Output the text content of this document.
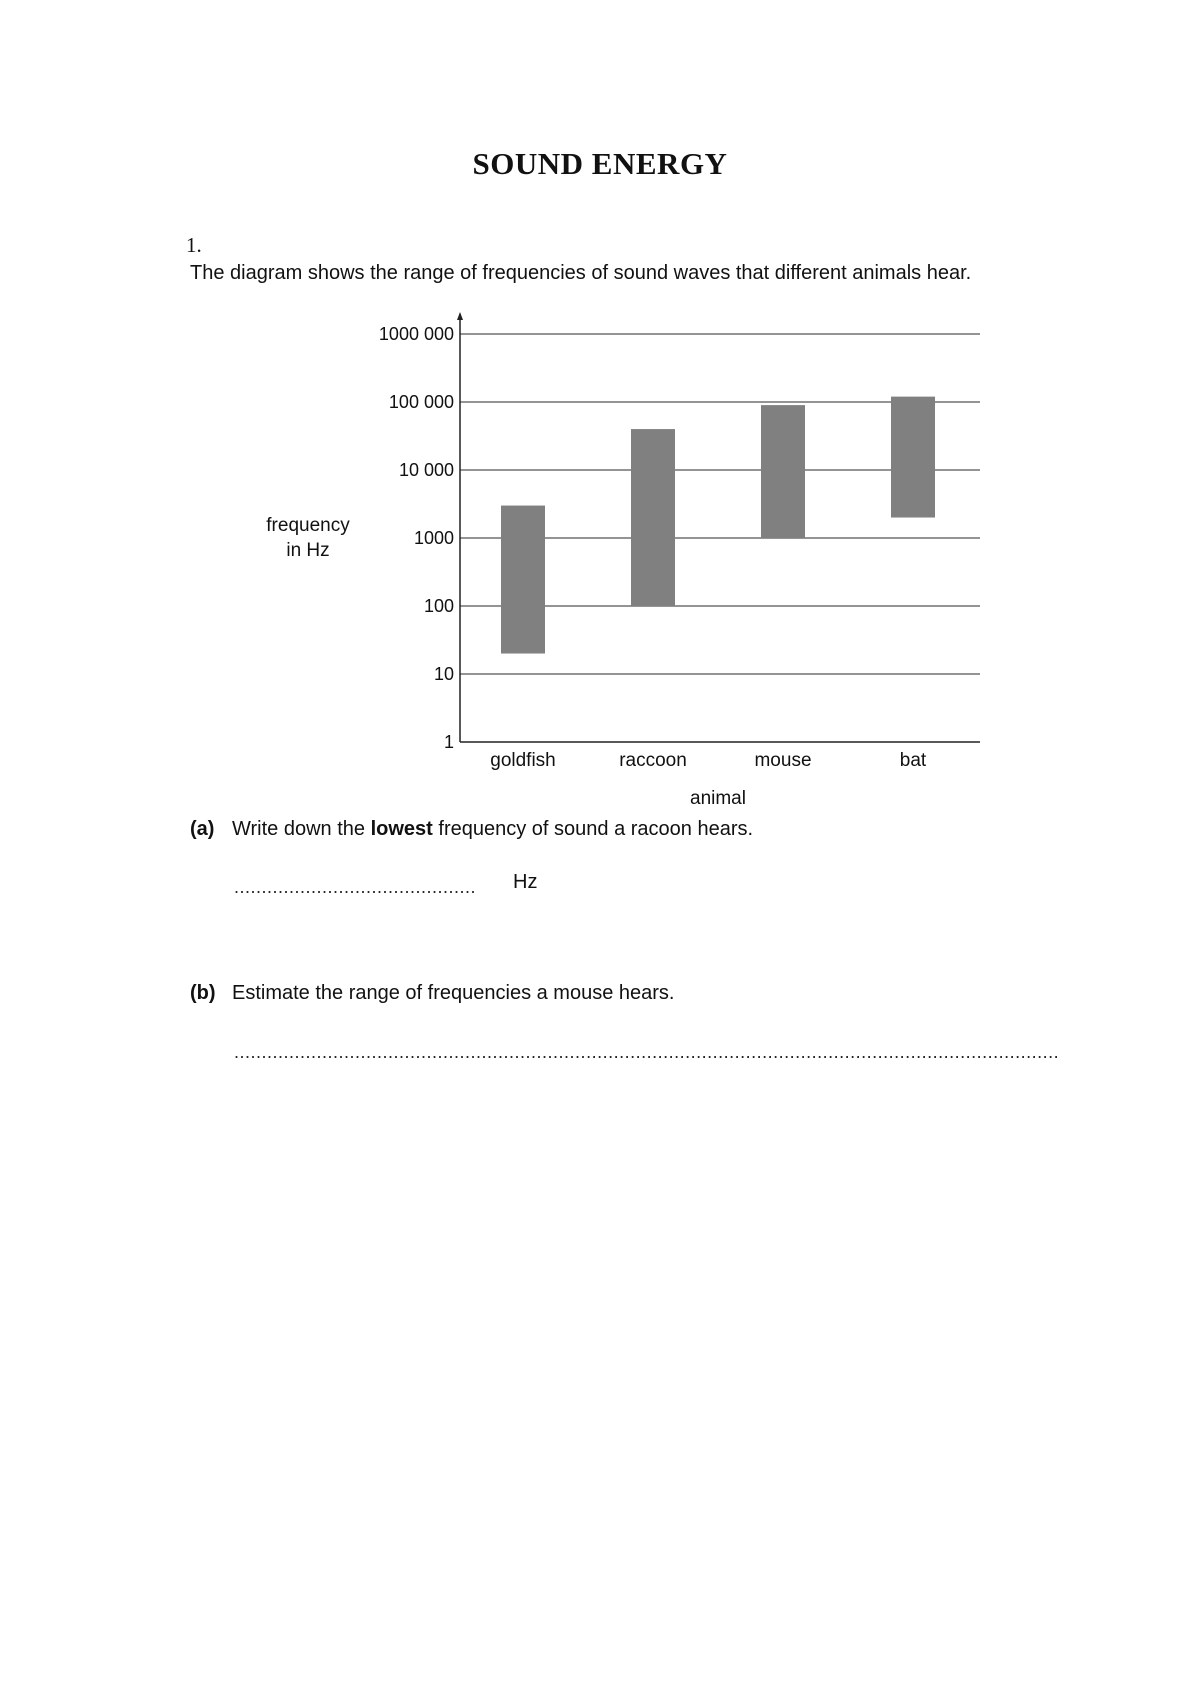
SOUND ENERGY
1.
The diagram shows the range of frequencies of sound waves that different animals hear.
frequency
in Hz
1
10
100
1000
10 000
100 000
1000 000
goldfish	raccoon	mouse	bat
animal
(a) Write down the lowest frequency of sound a racoon hears.
............................................	Hz
(b) Estimate the range of frequencies a mouse hears.
......................................................................................................................................................
